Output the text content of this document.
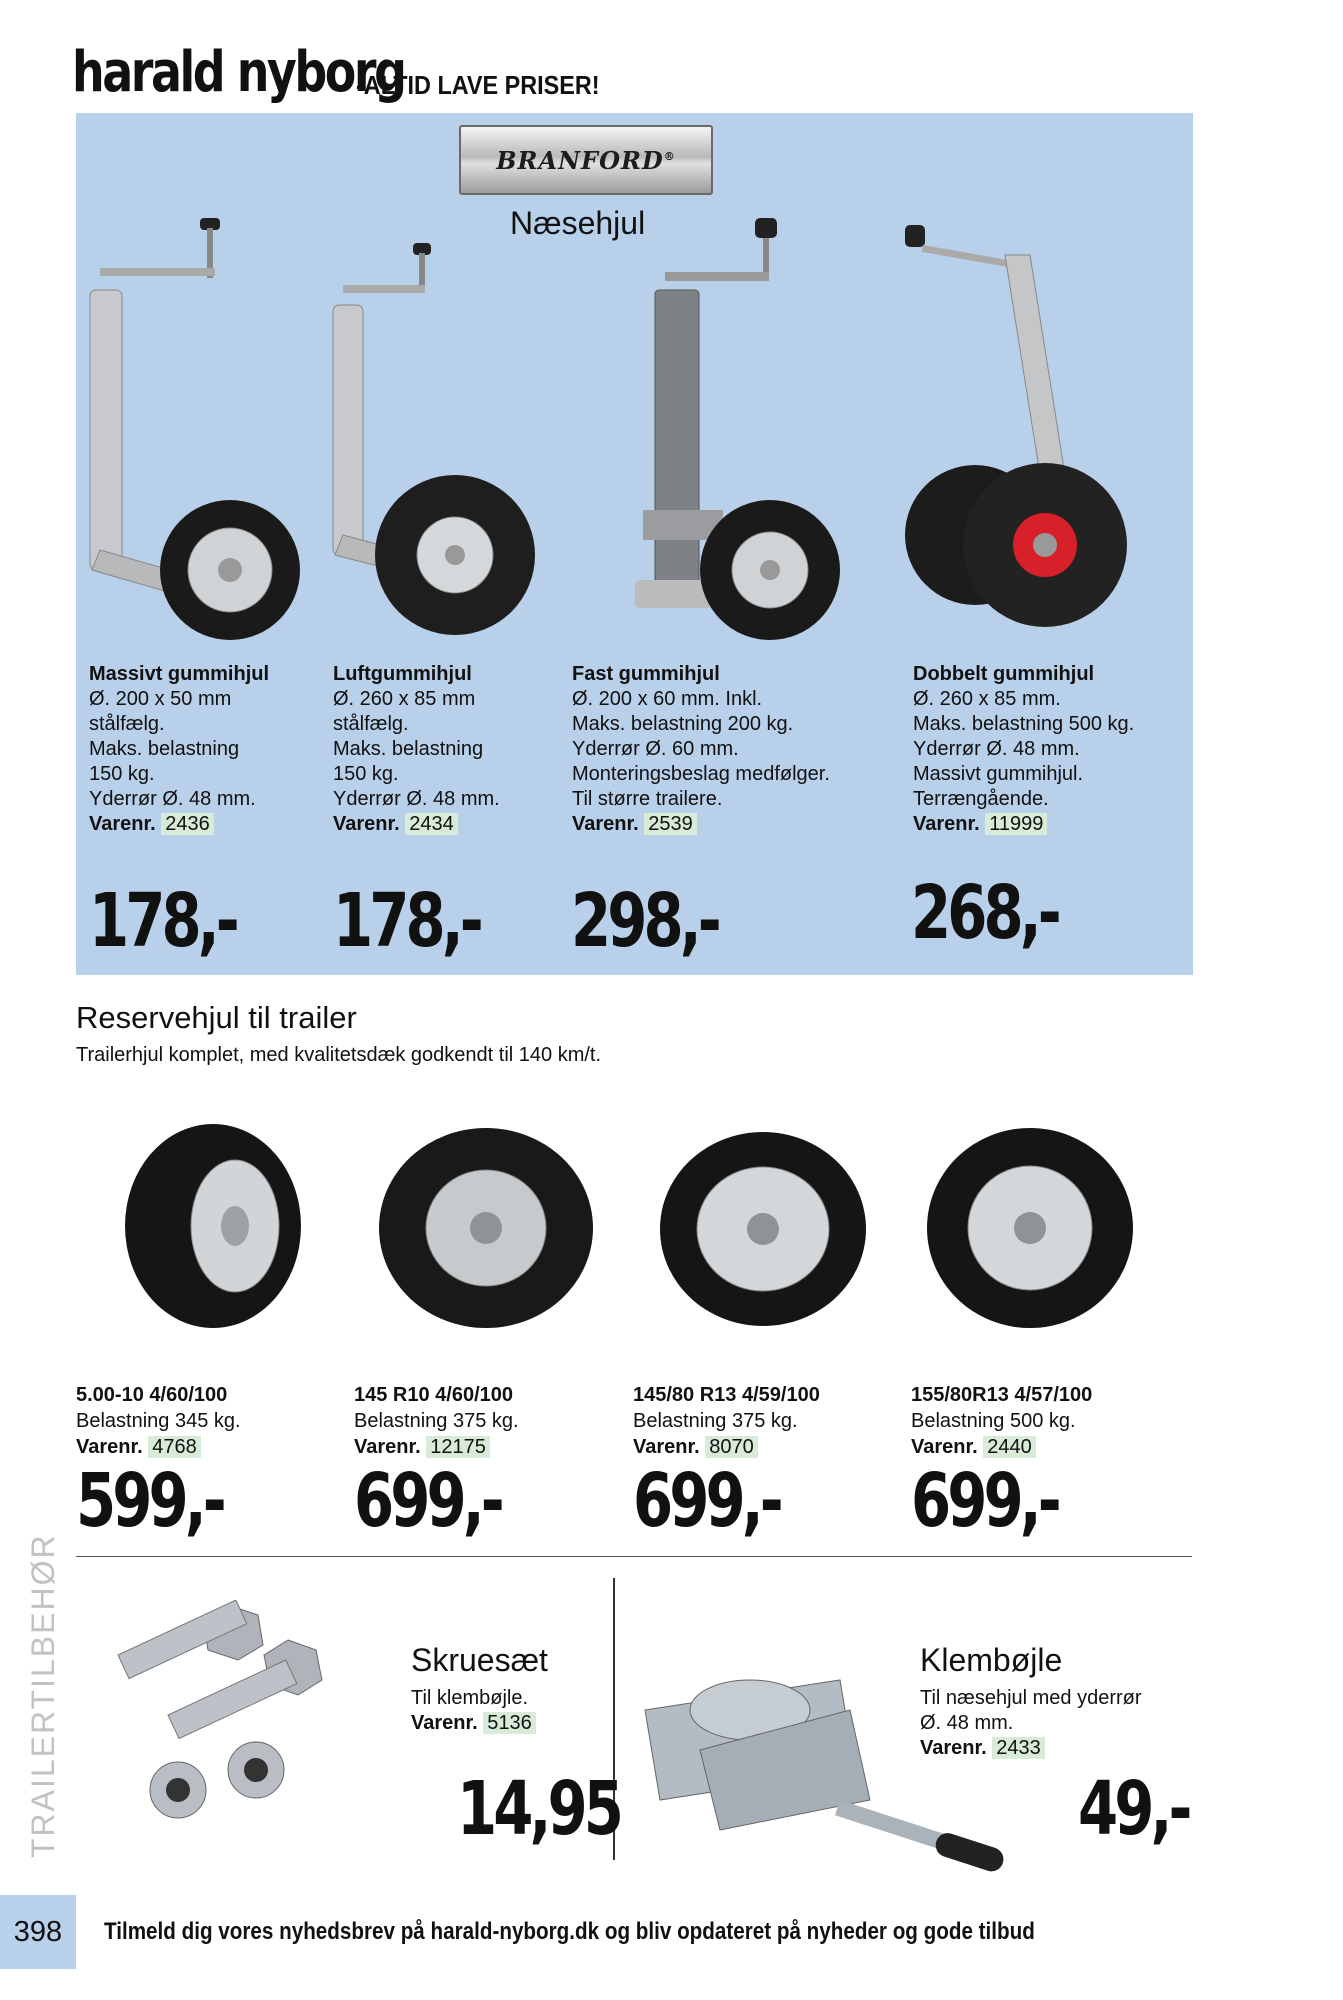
harald nyborg
-ALTID LAVE PRISER!
BRANFORD®
Næsehjul
Massivt gummihjul
Ø. 200 x 50 mm
stålfælg.
Maks. belastning
150 kg.
Yderrør Ø. 48 mm.
Varenr. 2436
Luftgummihjul
Ø. 260 x 85 mm
stålfælg.
Maks. belastning
150 kg.
Yderrør Ø. 48 mm.
Varenr. 2434
Fast gummihjul
Ø. 200 x 60 mm. Inkl.
Maks. belastning 200 kg.
Yderrør Ø. 60 mm.
Monteringsbeslag medfølger.
Til større trailere.
Varenr. 2539
Dobbelt gummihjul
Ø. 260 x 85 mm.
Maks. belastning 500 kg.
Yderrør Ø. 48 mm.
Massivt gummihjul.
Terrængående.
Varenr. 11999
178,- 178,- 298,-	268,-
Reservehjul til trailer
Trailerhjul komplet, med kvalitetsdæk godkendt til 140 km/t.
5.00-10 4/60/100
Belastning 345 kg.
Varenr. 4768
145 R10 4/60/100
Belastning 375 kg.
Varenr. 12175
145/80 R13 4/59/100
Belastning 375 kg.
Varenr. 8070
155/80R13 4/57/100
Belastning 500 kg.
Varenr. 2440
599,- 699,- 699,- 699,-
TRAILERTILBEHØR	Skruesæt
Til klembøjle.
Varenr. 5136
14,95
Klembøjle
Til næsehjul med yderrør
Ø. 48 mm.
Varenr. 2433
49,-
398	Tilmeld dig vores nyhedsbrev på harald-nyborg.dk og bliv opdateret på nyheder og gode tilbud
